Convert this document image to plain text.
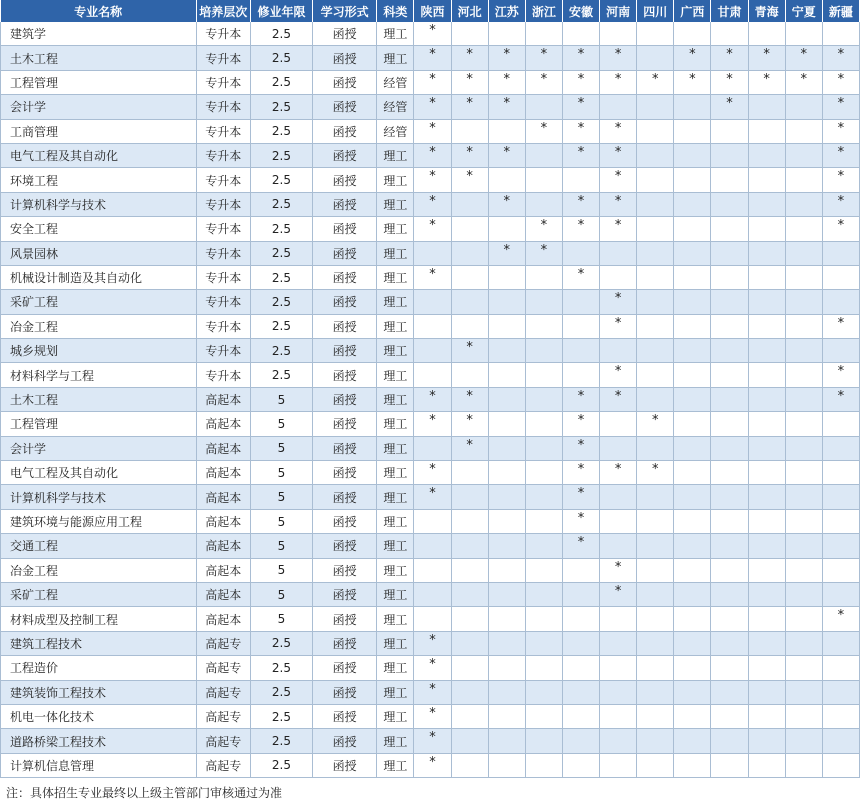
专业名称	培养层次	修业年限	学习形式	科类	陕西	河北	江苏	浙江	安徽	河南	四川	广西	甘肃	青海	宁夏	新疆
建筑学	专升本	2.5	函授	理工	*											
土木工程	专升本	2.5	函授	理工	*	*	*	*	*	*		*	*	*	*	*
工程管理	专升本	2.5	函授	经管	*	*	*	*	*	*	*	*	*	*	*	*
会计学	专升本	2.5	函授	经管	*	*	*		*				*			*
工商管理	专升本	2.5	函授	经管	*			*	*	*						*
电气工程及其自动化	专升本	2.5	函授	理工	*	*	*		*	*						*
环境工程	专升本	2.5	函授	理工	*	*				*						*
计算机科学与技术	专升本	2.5	函授	理工	*		*		*	*						*
安全工程	专升本	2.5	函授	理工	*			*	*	*						*
风景园林	专升本	2.5	函授	理工			*	*								
机械设计制造及其自动化	专升本	2.5	函授	理工	*				*							
采矿工程	专升本	2.5	函授	理工						*						
冶金工程	专升本	2.5	函授	理工						*						*
城乡规划	专升本	2.5	函授	理工		*										
材料科学与工程	专升本	2.5	函授	理工						*						*
土木工程	高起本	5	函授	理工	*	*			*	*						*
工程管理	高起本	5	函授	理工	*	*			*		*					
会计学	高起本	5	函授	理工		*			*							
电气工程及其自动化	高起本	5	函授	理工	*				*	*	*					
计算机科学与技术	高起本	5	函授	理工	*				*							
建筑环境与能源应用工程	高起本	5	函授	理工					*							
交通工程	高起本	5	函授	理工					*							
冶金工程	高起本	5	函授	理工						*						
采矿工程	高起本	5	函授	理工						*						
材料成型及控制工程	高起本	5	函授	理工												*
建筑工程技术	高起专	2.5	函授	理工	*											
工程造价	高起专	2.5	函授	理工	*											
建筑装饰工程技术	高起专	2.5	函授	理工	*											
机电一体化技术	高起专	2.5	函授	理工	*											
道路桥梁工程技术	高起专	2.5	函授	理工	*											
计算机信息管理	高起专	2.5	函授	理工	*											
注：具体招生专业最终以上级主管部门审核通过为准
